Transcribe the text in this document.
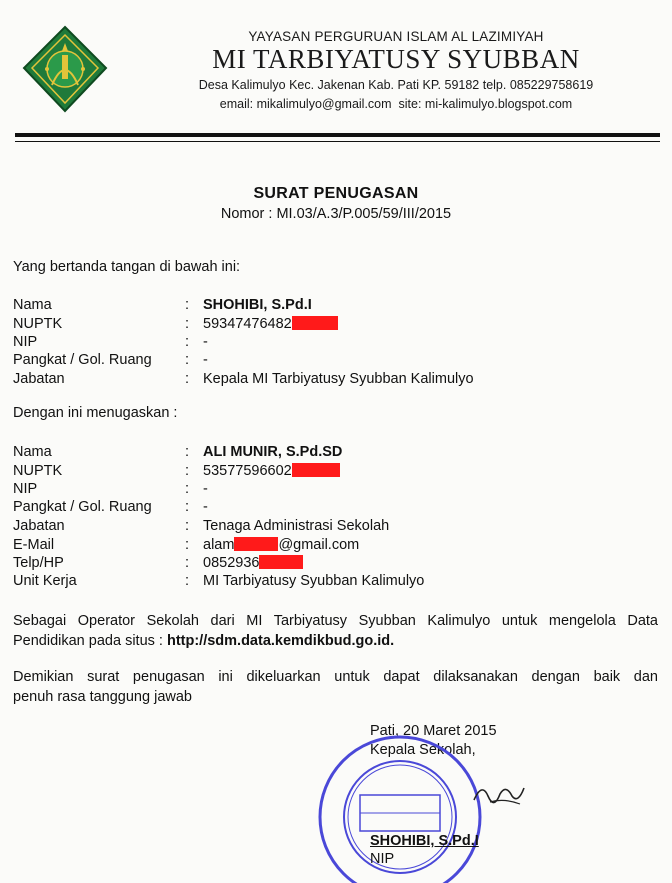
YAYASAN PERGURUAN ISLAM AL LAZIMIYAH
MI TARBIYATUSY SYUBBAN
Desa Kalimulyo Kec. Jakenan Kab. Pati KP. 59182 telp. 085229758619
email: mikalimulyo@gmail.com site: mi-kalimulyo.blogspot.com
SURAT PENUGASAN
Nomor : MI.03/A.3/P.005/59/III/2015
Yang bertanda tangan di bawah ini:
Nama	: SHOHIBI, S.Pd.I
NUPTK	: 59347476482
NIP	: -
Pangkat / Gol. Ruang : -
Jabatan	: Kepala MI Tarbiyatusy Syubban Kalimulyo
Dengan ini menugaskan :
Nama	: ALI MUNIR, S.Pd.SD
NUPTK	: 53577596602
NIP	: -
Pangkat / Gol. Ruang : -
Jabatan	: Tenaga Administrasi Sekolah
E-Mail	: alam	@gmail.com
Telp/HP	: 0852936
Unit Kerja	: MI Tarbiyatusy Syubban Kalimulyo
Sebagai Operator Sekolah dari MI Tarbiyatusy Syubban Kalimulyo untuk mengelola Data
Pendidikan pada situs : http://sdm.data.kemdikbud.go.id.
Demikian surat penugasan ini dikeluarkan untuk dapat dilaksanakan dengan baik dan
penuh rasa tanggung jawab
Pati, 20 Maret 2015
Kepala Sekolah,
SHOHIBI, S.Pd.I
NIP
